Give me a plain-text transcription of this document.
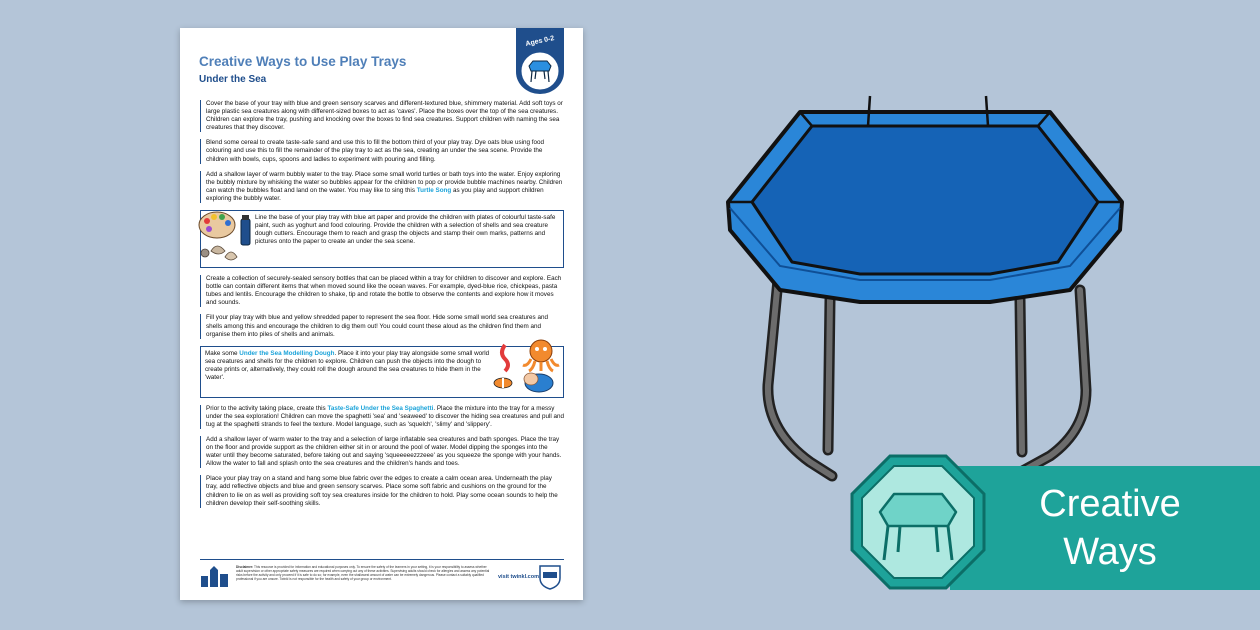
Creative Ways to Use Play Trays
Under the Sea
Ages 0-2
Cover the base of your tray with blue and green sensory scarves and different-textured blue, shimmery material. Add soft toys or large plastic sea creatures along with different-sized boxes to act as 'caves'. Place the boxes over the top of the sea creatures. Children can explore the tray, pushing and knocking over the boxes to find sea creatures. Support children with naming the sea creatures that they discover.
Blend some cereal to create taste-safe sand and use this to fill the bottom third of your play tray. Dye oats blue using food colouring and use this to fill the remainder of the play tray to act as the sea, creating an under the sea scene. Provide the children with bowls, cups, spoons and ladles to experiment with pouring and filling.
Add a shallow layer of warm bubbly water to the tray. Place some small world turtles or bath toys into the water. Enjoy exploring the bubbly mixture by whisking the water so bubbles appear for the children to pop or provide bubble machines nearby. Children can watch the bubbles float and land on the water. You may like to sing this Turtle Song as you play and support children exploring the bubbly water.
Line the base of your play tray with blue art paper and provide the children with plates of colourful taste-safe paint, such as yoghurt and food colouring. Provide the children with a selection of shells and sea creature dough cutters. Encourage them to reach and grasp the objects and stamp their own marks, patterns and pictures onto the paper to create an under the sea scene.
Create a collection of securely-sealed sensory bottles that can be placed within a tray for children to discover and explore. Each bottle can contain different items that when moved sound like the ocean waves. For example, dyed-blue rice, chickpeas, pasta tubes and lentils. Encourage the children to shake, tip and rotate the bottle to observe the contents and explore how it moves and sounds.
Fill your play tray with blue and yellow shredded paper to represent the sea floor. Hide some small world sea creatures and shells among this and encourage the children to dig them out! You could count these aloud as the children find them and organise them into piles of shells and animals.
Make some Under the Sea Modelling Dough. Place it into your play tray alongside some small world sea creatures and shells for the children to explore. Children can push the objects into the dough to create prints or, alternatively, they could roll the dough around the sea creatures to hide them in the 'water'.
Prior to the activity taking place, create this Taste-Safe Under the Sea Spaghetti. Place the mixture into the tray for a messy under the sea exploration! Children can move the spaghetti 'sea' and 'seaweed' to discover the hiding sea creatures and pull and tug at the spaghetti strands to feel the texture. Model language, such as 'squelch', 'slimy' and 'slippery'.
Add a shallow layer of warm water to the tray and a selection of large inflatable sea creatures and bath sponges. Place the tray on the floor and provide support as the children either sit in or around the pool of water. Model dipping the sponges into the water until they become saturated, before taking out and saying 'squeeeeezzzeee' as you squeeze the sponge with your hands. Allow the water to fall and splash onto the sea creatures and the children's hands and toes.
Place your play tray on a stand and hang some blue fabric over the edges to create a calm ocean area. Underneath the play tray, add reflective objects and blue and green sensory scarves. Place some soft fabric and cushions on the ground for the children to lie on as well as providing soft toy sea creatures inside for the children to hold. Play some ocean sounds to help the children develop their self-soothing skills.
Disclaimer: This resource is provided for information and educational purposes only. To ensure the safety of the learners in your setting, it is your responsibility to assess whether adult supervision or other appropriate safety measures are required when carrying out any of these activities. Supervising adults should check for allergies and assess any potential risks before the activity and only proceed if it is safe to do so; for example, even the shallowest amount of water can be extremely dangerous. Please contact a suitably qualified professional if you are unsure. Twinkl is not responsible for the health and safety of your group or environment.	visit twinkl.com
Creative
Ways
